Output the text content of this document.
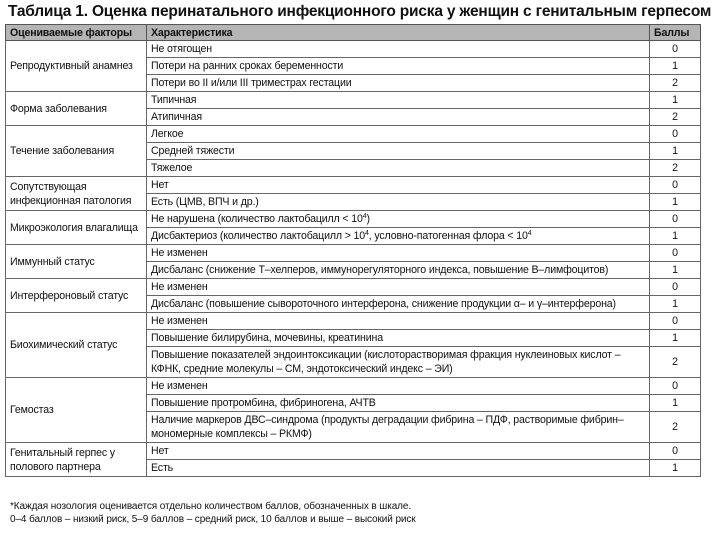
Таблица 1. Оценка перинатального инфекционного риска у женщин с генитальным герпесом
Оцениваемые факторы	Характеристика	Баллы
Репродуктивный анамнез	Не отягощен	0
	Потери на ранних сроках беременности	1
	Потери во II и/или III триместрах гестации	2
Форма заболевания	Типичная	1
	Атипичная	2
Течение заболевания	Легкое	0
	Средней тяжести	1
	Тяжелое	2
Сопутствующая инфекционная патология	Нет	0
	Есть (ЦМВ, ВПЧ и др.)	1
Микроэкология влагалища	Не нарушена (количество лактобацилл < $10^4$)	0
	Дисбактериоз (количество лактобацилл > $10^4$, условно-патогенная флора < $10^4$	1
Иммунный статус	Не изменен	0
	Дисбаланс (снижение Т–хелперов, иммунорегуляторного индекса, повышение В–лимфоцитов)	1
Интерфероновый статус	Не изменен	0
	Дисбаланс (повышение сывороточного интерферона, снижение продукции α– и γ–интерферона)	1
Биохимический статус	Не изменен	0
	Повышение билирубина, мочевины, креатинина	1
	Повышение показателей эндоинтоксикации (кислоторастворимая фракция нуклеиновых кислот – КФНК, средние молекулы – СМ, эндотоксический индекс – ЭИ)	2
Гемостаз	Не изменен	0
	Повышение протромбина, фибриногена, АЧТВ	1
	Наличие маркеров ДВС–синдрома (продукты деградации фибрина – ПДФ, растворимые фибрин–мономерные комплексы – РКМФ)	2
Генитальный герпес у полового партнера	Нет	0
	Есть	1
*Каждая нозология оценивается отдельно количеством баллов, обозначенных в шкале.
0–4 баллов – низкий риск, 5–9 баллов – средний риск, 10 баллов и выше – высокий риск
